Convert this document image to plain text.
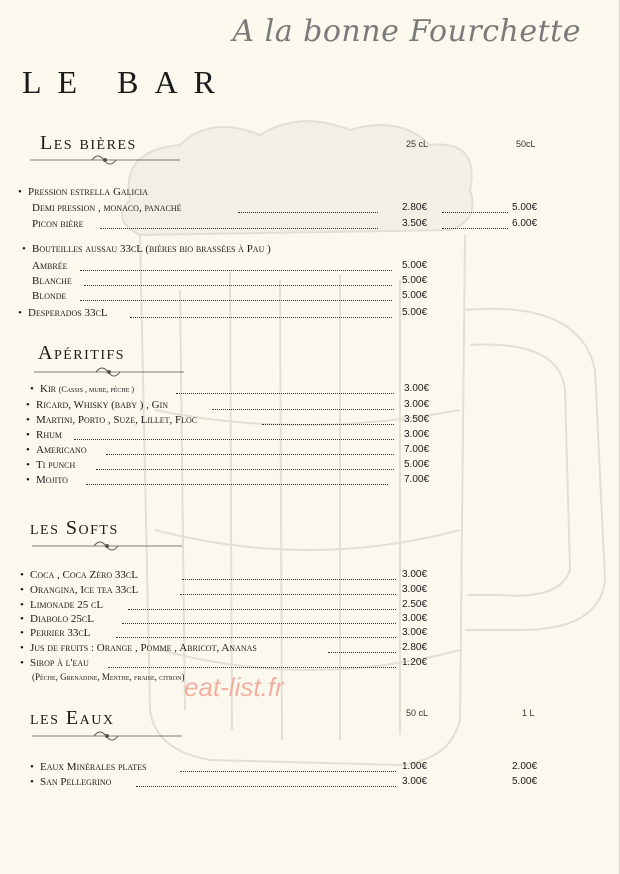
A la bonne Fourchette
LE BAR
Les bières	25 cL	50cL
• Pression estrella Galicia
Demi pression , monaco, panaché	2.80€	5.00€
Picon bière	3.50€	6.00€
• Bouteilles aussau 33cL (bières bio brassées à Pau )
Ambrée	5.00€
Blanche	5.00€
Blonde	5.00€
• Desperados 33cL	5.00€
Apéritifs
• Kir (Cassis , mure, pêche )	3.00€
• Ricard, Whisky (baby ) , Gin	3.00€
• Martini, Porto , Suze, Lillet, Floc	3.50€
• Rhum	3.00€
• Americano	7.00€
• Ti punch	5.00€
• Mojito	7.00€
les Softs
• Coca , Coca Zéro 33cL	3.00€
• Orangina, Ice tea 33cL	3.00€
• Limonade 25 cL	2.50€
• Diabolo 25cL	3.00€
• Perrier 33cL	3.00€
• Jus de fruits : Orange , Pomme , Abricot, Ananas	2.80€
• Sirop à l'eau	1.20€
(Pêche, Grenadine, Menthe, fraise, citron) eat-list.fr
les Eaux	50 cL	1 L
• Eaux Minérales plates	1.00€	2.00€
• San Pellegrino	3.00€	5.00€
